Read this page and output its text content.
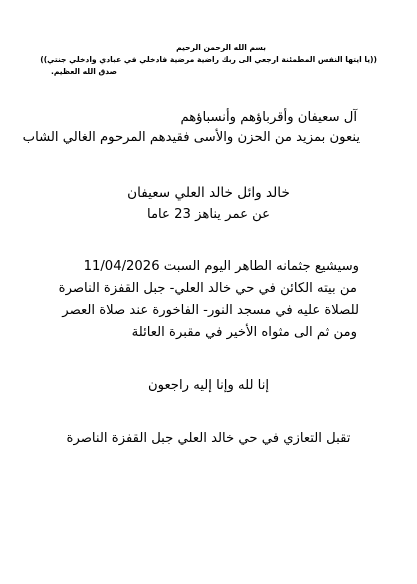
بسم الله الرحمن الرحيم
((يا ايتها النفس المطمئنة ارجعي الى ربك راضية مرضية فادخلي في عبادي وادخلي جنتي))
صدق الله العظيم.
آل سعيفان وأقرباؤهم وأنسباؤهم
ينعون بمزيد من الحزن والأسى فقيدهم المرحوم الغالي الشاب
خالد وائل خالد العلي سعيفان
عن عمر يناهز 23 عاما
وسيشيع جثمانه الطاهر اليوم السبت 11/04/2026
من بيته الكائن في حي خالد العلي- جبل القفزة الناصرة
للصلاة عليه في مسجد النور- الفاخورة عند صلاة العصر
ومن ثم الى مثواه الأخير في مقبرة العائلة
إنا لله وإنا إليه راجعون
تقبل التعازي في حي خالد العلي جبل القفزة الناصرة
